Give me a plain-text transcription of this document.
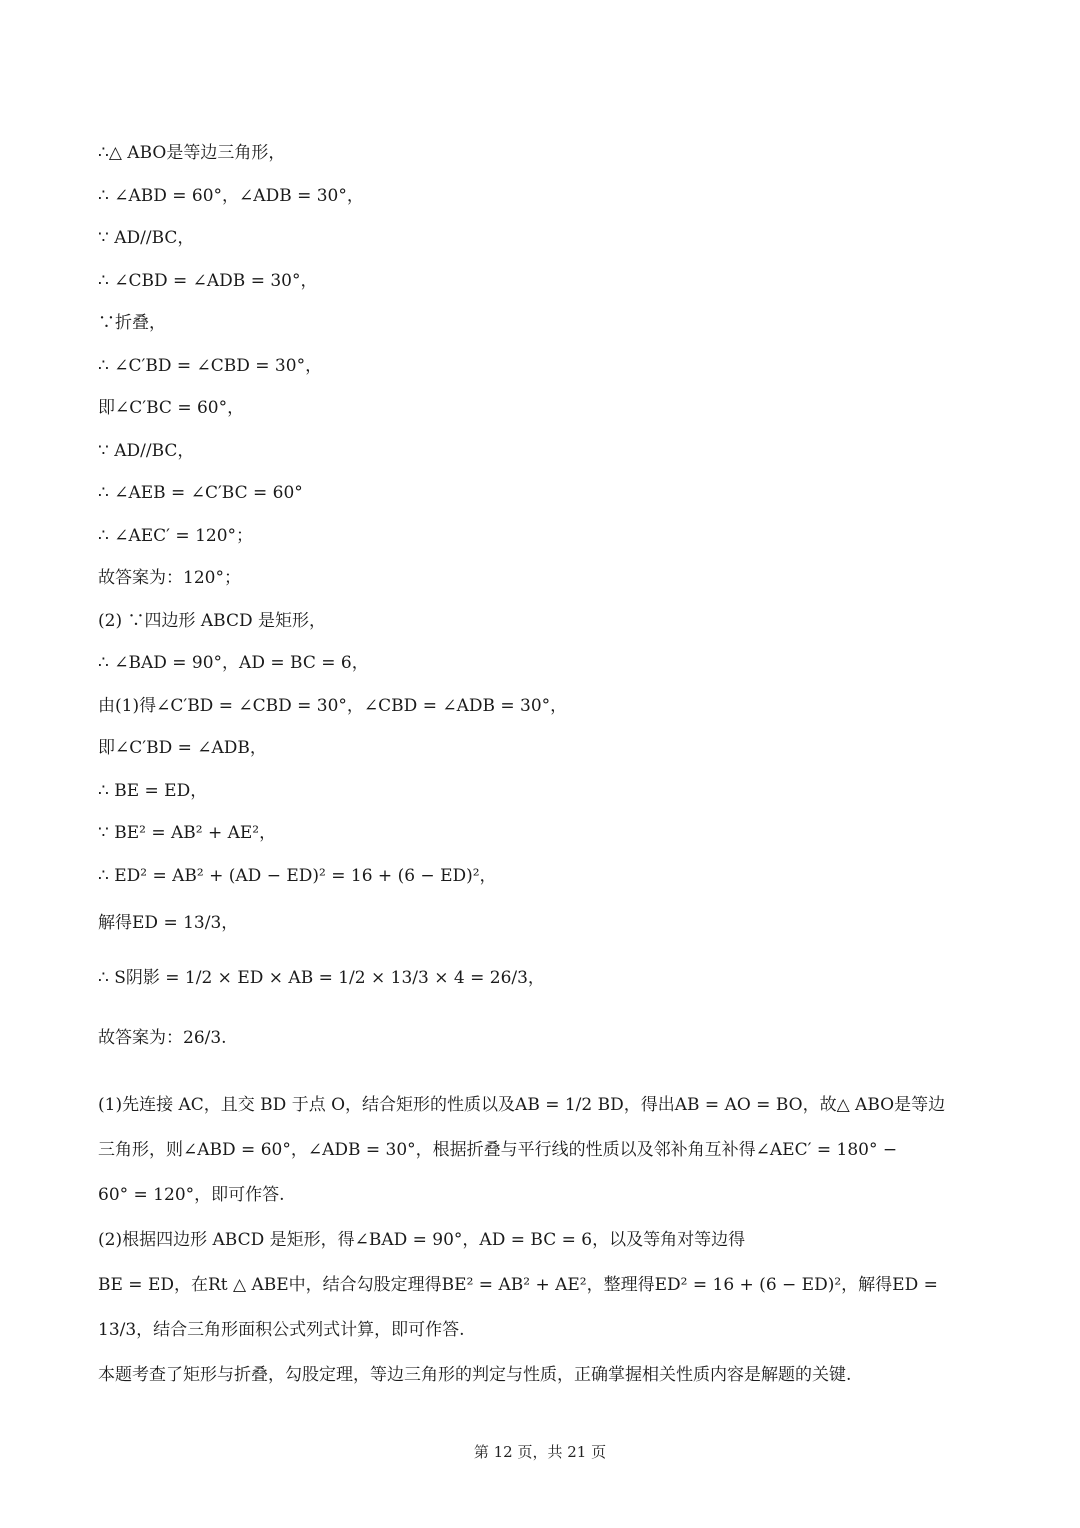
∴△ ABO是等边三角形，
∴ ∠ABD = 60°，∠ADB = 30°，
∵ AD//BC，
∴ ∠CBD = ∠ADB = 30°，
∵折叠，
∴ ∠C′BD = ∠CBD = 30°，
即∠C′BC = 60°，
∵ AD//BC，
∴ ∠AEB = ∠C′BC = 60°
∴ ∠AEC′ = 120°；
故答案为：120°；
(2) ∵四边形 ABCD 是矩形，
∴ ∠BAD = 90°，AD = BC = 6，
由(1)得∠C′BD = ∠CBD = 30°，∠CBD = ∠ADB = 30°，
即∠C′BD = ∠ADB，
∴ BE = ED，
∵ BE² = AB² + AE²，
∴ ED² = AB² + (AD − ED)² = 16 + (6 − ED)²，
解得ED = 13/3，
∴ S阴影 = 1/2 × ED × AB = 1/2 × 13/3 × 4 = 26/3，
故答案为：26/3.
(1)先连接 AC，且交 BD 于点 O，结合矩形的性质以及AB = 1/2 BD，得出AB = AO = BO，故△ ABO是等边
三角形，则∠ABD = 60°，∠ADB = 30°，根据折叠与平行线的性质以及邻补角互补得∠AEC′ = 180° −
60° = 120°，即可作答.
(2)根据四边形 ABCD 是矩形，得∠BAD = 90°，AD = BC = 6，以及等角对等边得
BE = ED，在Rt △ ABE中，结合勾股定理得BE² = AB² + AE²，整理得ED² = 16 + (6 − ED)²，解得ED =
13/3，结合三角形面积公式列式计算，即可作答.
本题考查了矩形与折叠，勾股定理，等边三角形的判定与性质，正确掌握相关性质内容是解题的关键.
第 12 页，共 21 页
